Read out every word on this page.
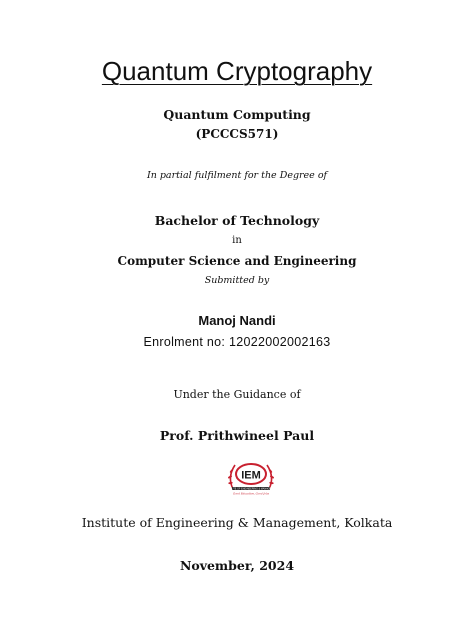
Quantum Cryptography
Quantum Computing
(PCCCS571)
In partial fulfilment for the Degree of
Bachelor of Technology
in
Computer Science and Engineering
Submitted by
Manoj Nandi
Enrolment no: 12022002002163
Under the Guidance of
Prof. Prithwineel Paul
IEM
INSTITUTE OF ENGINEERING & MANAGEMENT
Good Education, Good Jobs
Institute of Engineering & Management, Kolkata
November, 2024
